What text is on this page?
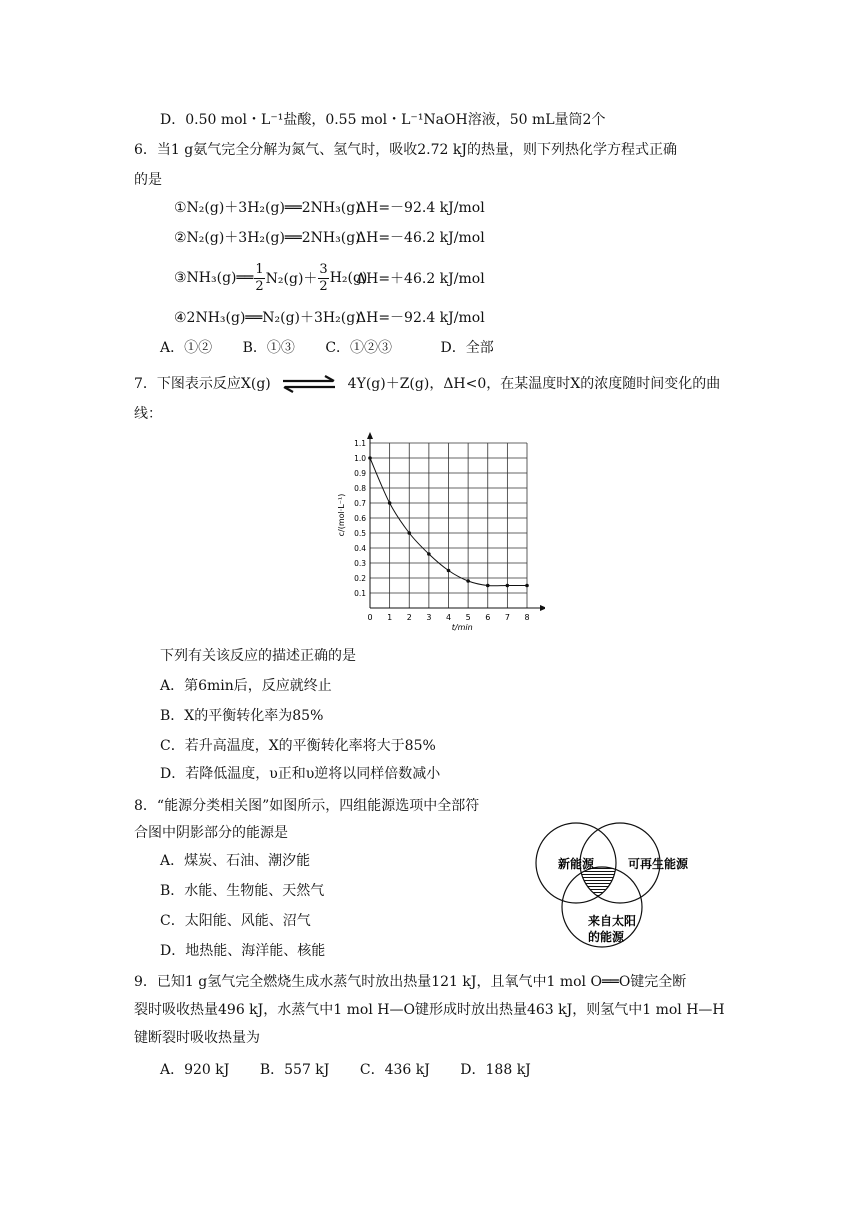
D．0.50 mol・L⁻¹盐酸，0.55 mol・L⁻¹NaOH溶液，50 mL量筒2个
6．当1 g氨气完全分解为氮气、氢气时，吸收2.72 kJ的热量，则下列热化学方程式正确
的是
①N₂(g)＋3H₂(g)══2NH₃(g)
ΔH=－92.4 kJ/mol
②N₂(g)＋3H₂(g)══2NH₃(g)
ΔH=－46.2 kJ/mol
③NH₃(g)══ $\frac{1}{2} N_2(g)+ \frac{3}{2} H_2(g)$
ΔH=＋46.2 kJ/mol
④2NH₃(g)══N₂(g)＋3H₂(g)
ΔH=－92.4 kJ/mol
A．①② B．①③ C．①②③	D．全部
7．下图表示反应X(g)	4Y(g)＋Z(g)，ΔH<0，在某温度时X的浓度随时间变化的曲
线：
0 1 2 3 4 5 6 7 8
0.1
0.2
0.3
0.4
0.5
0.6
0.7
0.8
0.9
1.0
1.1
t/min
c/(mol·L⁻¹)
下列有关该反应的描述正确的是
A．第6min后，反应就终止
B．X的平衡转化率为85%
C．若升高温度，X的平衡转化率将大于85%
D．若降低温度，υ正和υ逆将以同样倍数减小
8．“能源分类相关图”如图所示，四组能源选项中全部符
合图中阴影部分的能源是
A．煤炭、石油、潮汐能
B．水能、生物能、天然气
C．太阳能、风能、沼气
D．地热能、海洋能、核能
新能源	可再生能源
来自太阳
的能源
9．已知1 g氢气完全燃烧生成水蒸气时放出热量121 kJ，且氧气中1 mol O══O键完全断
裂时吸收热量496 kJ，水蒸气中1 mol H—O键形成时放出热量463 kJ，则氢气中1 mol H—H
键断裂时吸收热量为
A．920 kJ B．557 kJ C．436 kJ D．188 kJ
